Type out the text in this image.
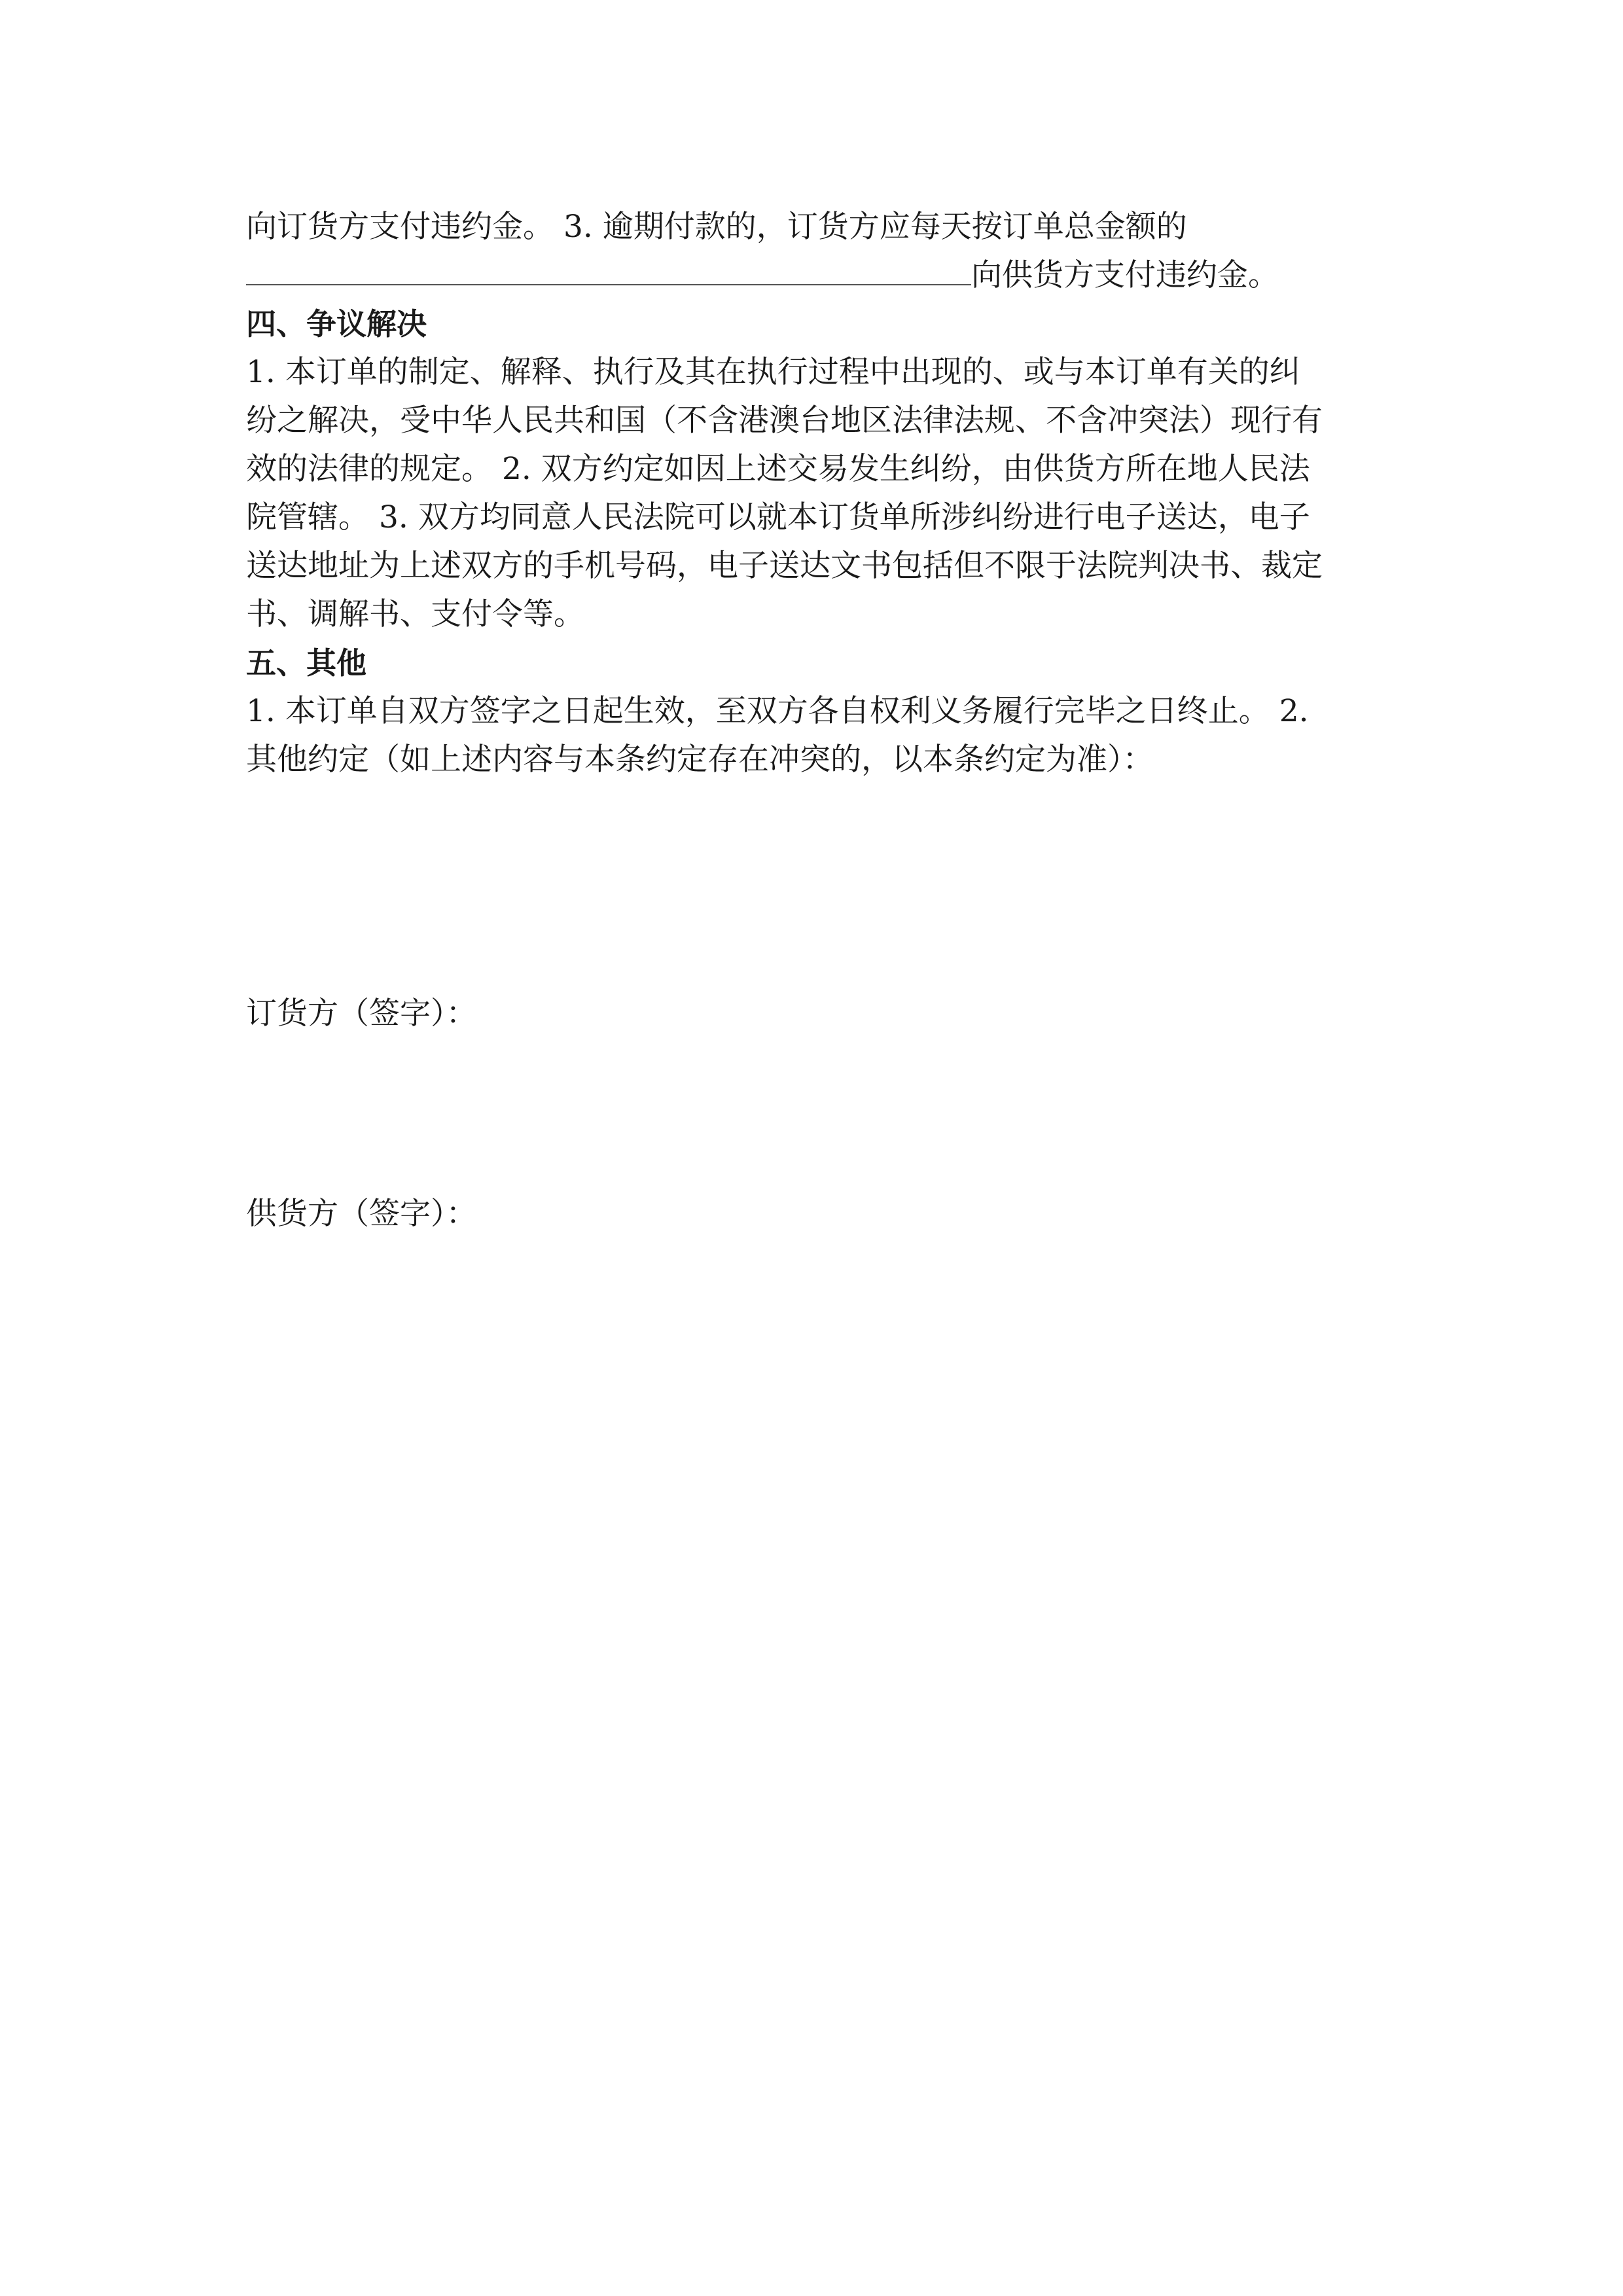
向订货方支付违约金。 3. 逾期付款的，订货方应每天按订单总金额的
向供货方支付违约金。
四、争议解决
1. 本订单的制定、解释、执行及其在执行过程中出现的、或与本订单有关的纠
纷之解决，受中华人民共和国（不含港澳台地区法律法规、不含冲突法）现行有
效的法律的规定。 2. 双方约定如因上述交易发生纠纷，由供货方所在地人民法
院管辖。 3. 双方均同意人民法院可以就本订货单所涉纠纷进行电子送达，电子
送达地址为上述双方的手机号码，电子送达文书包括但不限于法院判决书、裁定
书、调解书、支付令等。
五、其他
1. 本订单自双方签字之日起生效，至双方各自权利义务履行完毕之日终止。 2.
其他约定（如上述内容与本条约定存在冲突的，以本条约定为准）：
订货方（签字）：
供货方（签字）：
